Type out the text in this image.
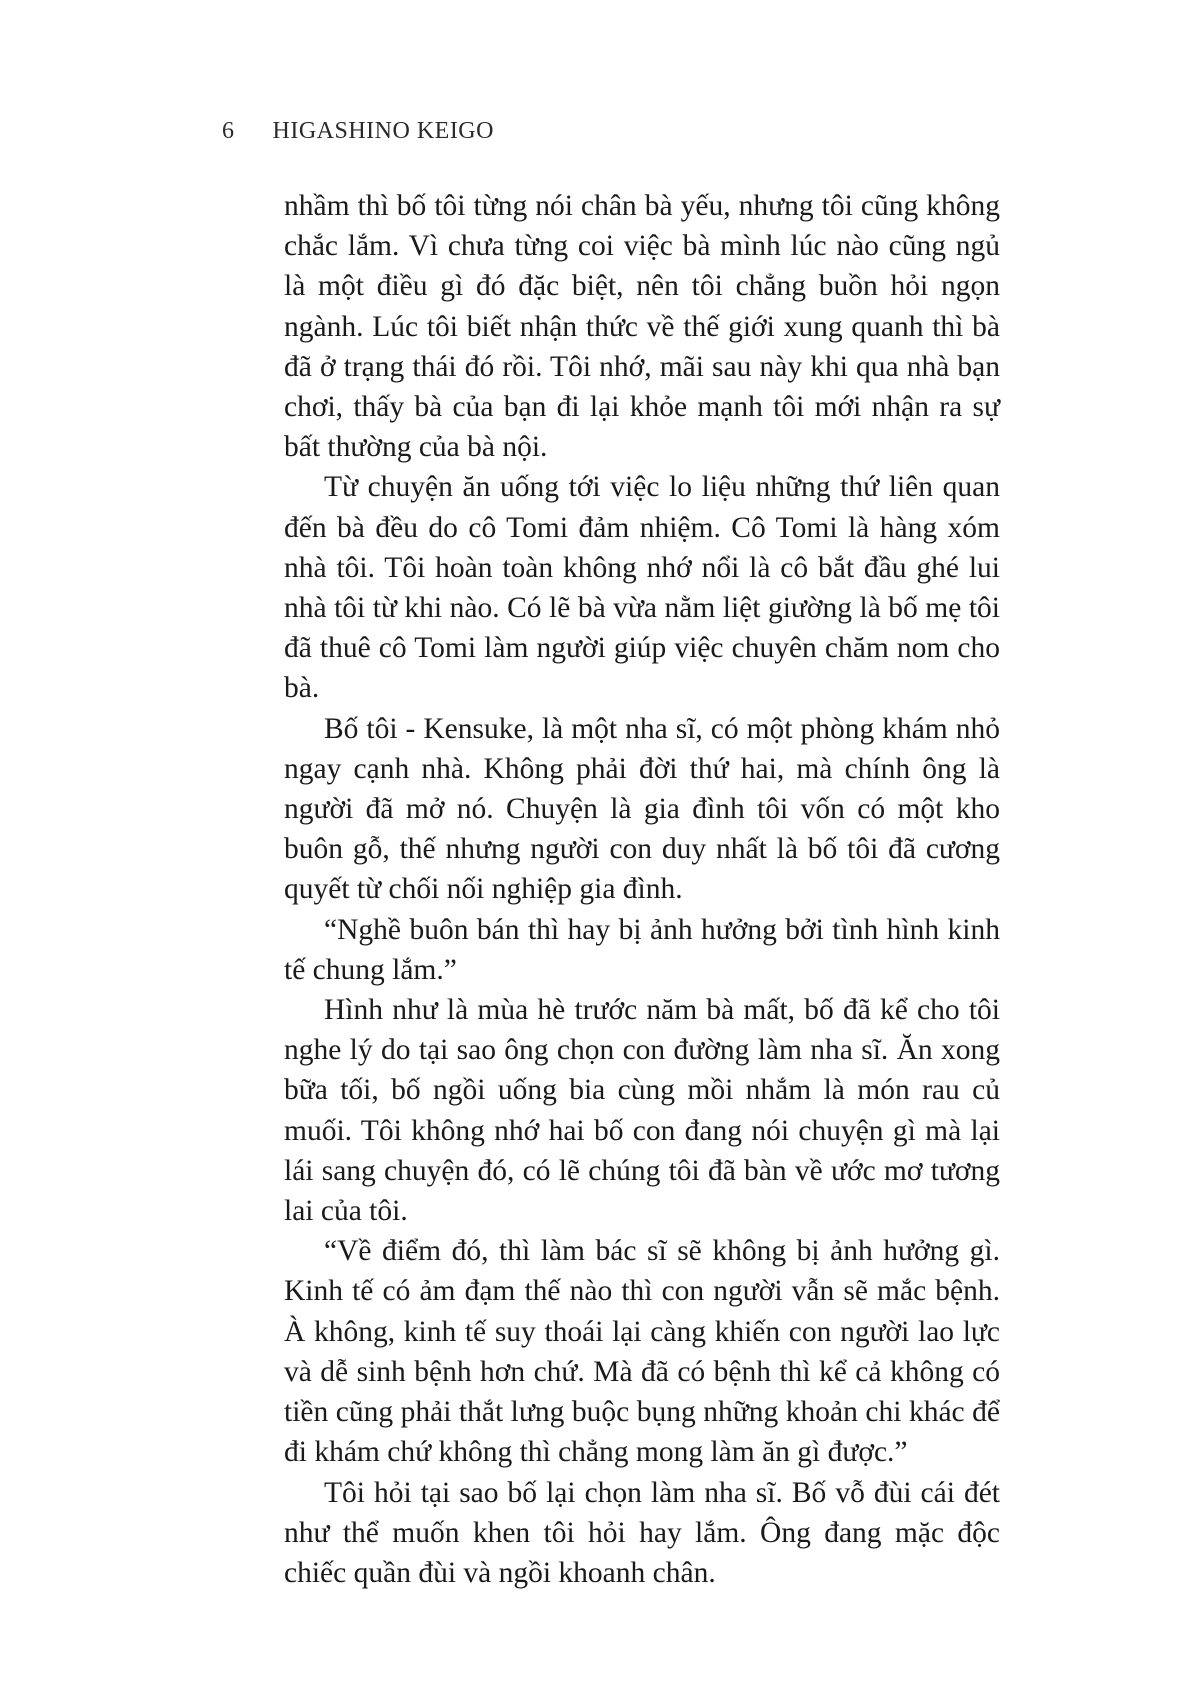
6 HIGASHINO KEIGO

nhầm thì bố tôi từng nói chân bà yếu, nhưng tôi cũng không chắc lắm. Vì chưa từng coi việc bà mình lúc nào cũng ngủ là một điều gì đó đặc biệt, nên tôi chẳng buồn hỏi ngọn ngành. Lúc tôi biết nhận thức về thế giới xung quanh thì bà đã ở trạng thái đó rồi. Tôi nhớ, mãi sau này khi qua nhà bạn chơi, thấy bà của bạn đi lại khỏe mạnh tôi mới nhận ra sự bất thường của bà nội.

Từ chuyện ăn uống tới việc lo liệu những thứ liên quan đến bà đều do cô Tomi đảm nhiệm. Cô Tomi là hàng xóm nhà tôi. Tôi hoàn toàn không nhớ nổi là cô bắt đầu ghé lui nhà tôi từ khi nào. Có lẽ bà vừa nằm liệt giường là bố mẹ tôi đã thuê cô Tomi làm người giúp việc chuyên chăm nom cho bà.

Bố tôi - Kensuke, là một nha sĩ, có một phòng khám nhỏ ngay cạnh nhà. Không phải đời thứ hai, mà chính ông là người đã mở nó. Chuyện là gia đình tôi vốn có một kho buôn gỗ, thế nhưng người con duy nhất là bố tôi đã cương quyết từ chối nối nghiệp gia đình.

“Nghề buôn bán thì hay bị ảnh hưởng bởi tình hình kinh tế chung lắm.”

Hình như là mùa hè trước năm bà mất, bố đã kể cho tôi nghe lý do tại sao ông chọn con đường làm nha sĩ. Ăn xong bữa tối, bố ngồi uống bia cùng mồi nhắm là món rau củ muối. Tôi không nhớ hai bố con đang nói chuyện gì mà lại lái sang chuyện đó, có lẽ chúng tôi đã bàn về ước mơ tương lai của tôi.

“Về điểm đó, thì làm bác sĩ sẽ không bị ảnh hưởng gì. Kinh tế có ảm đạm thế nào thì con người vẫn sẽ mắc bệnh. À không, kinh tế suy thoái lại càng khiến con người lao lực và dễ sinh bệnh hơn chứ. Mà đã có bệnh thì kể cả không có tiền cũng phải thắt lưng buộc bụng những khoản chi khác để đi khám chứ không thì chẳng mong làm ăn gì được.”

Tôi hỏi tại sao bố lại chọn làm nha sĩ. Bố vỗ đùi cái đét như thể muốn khen tôi hỏi hay lắm. Ông đang mặc độc chiếc quần đùi và ngồi khoanh chân.
